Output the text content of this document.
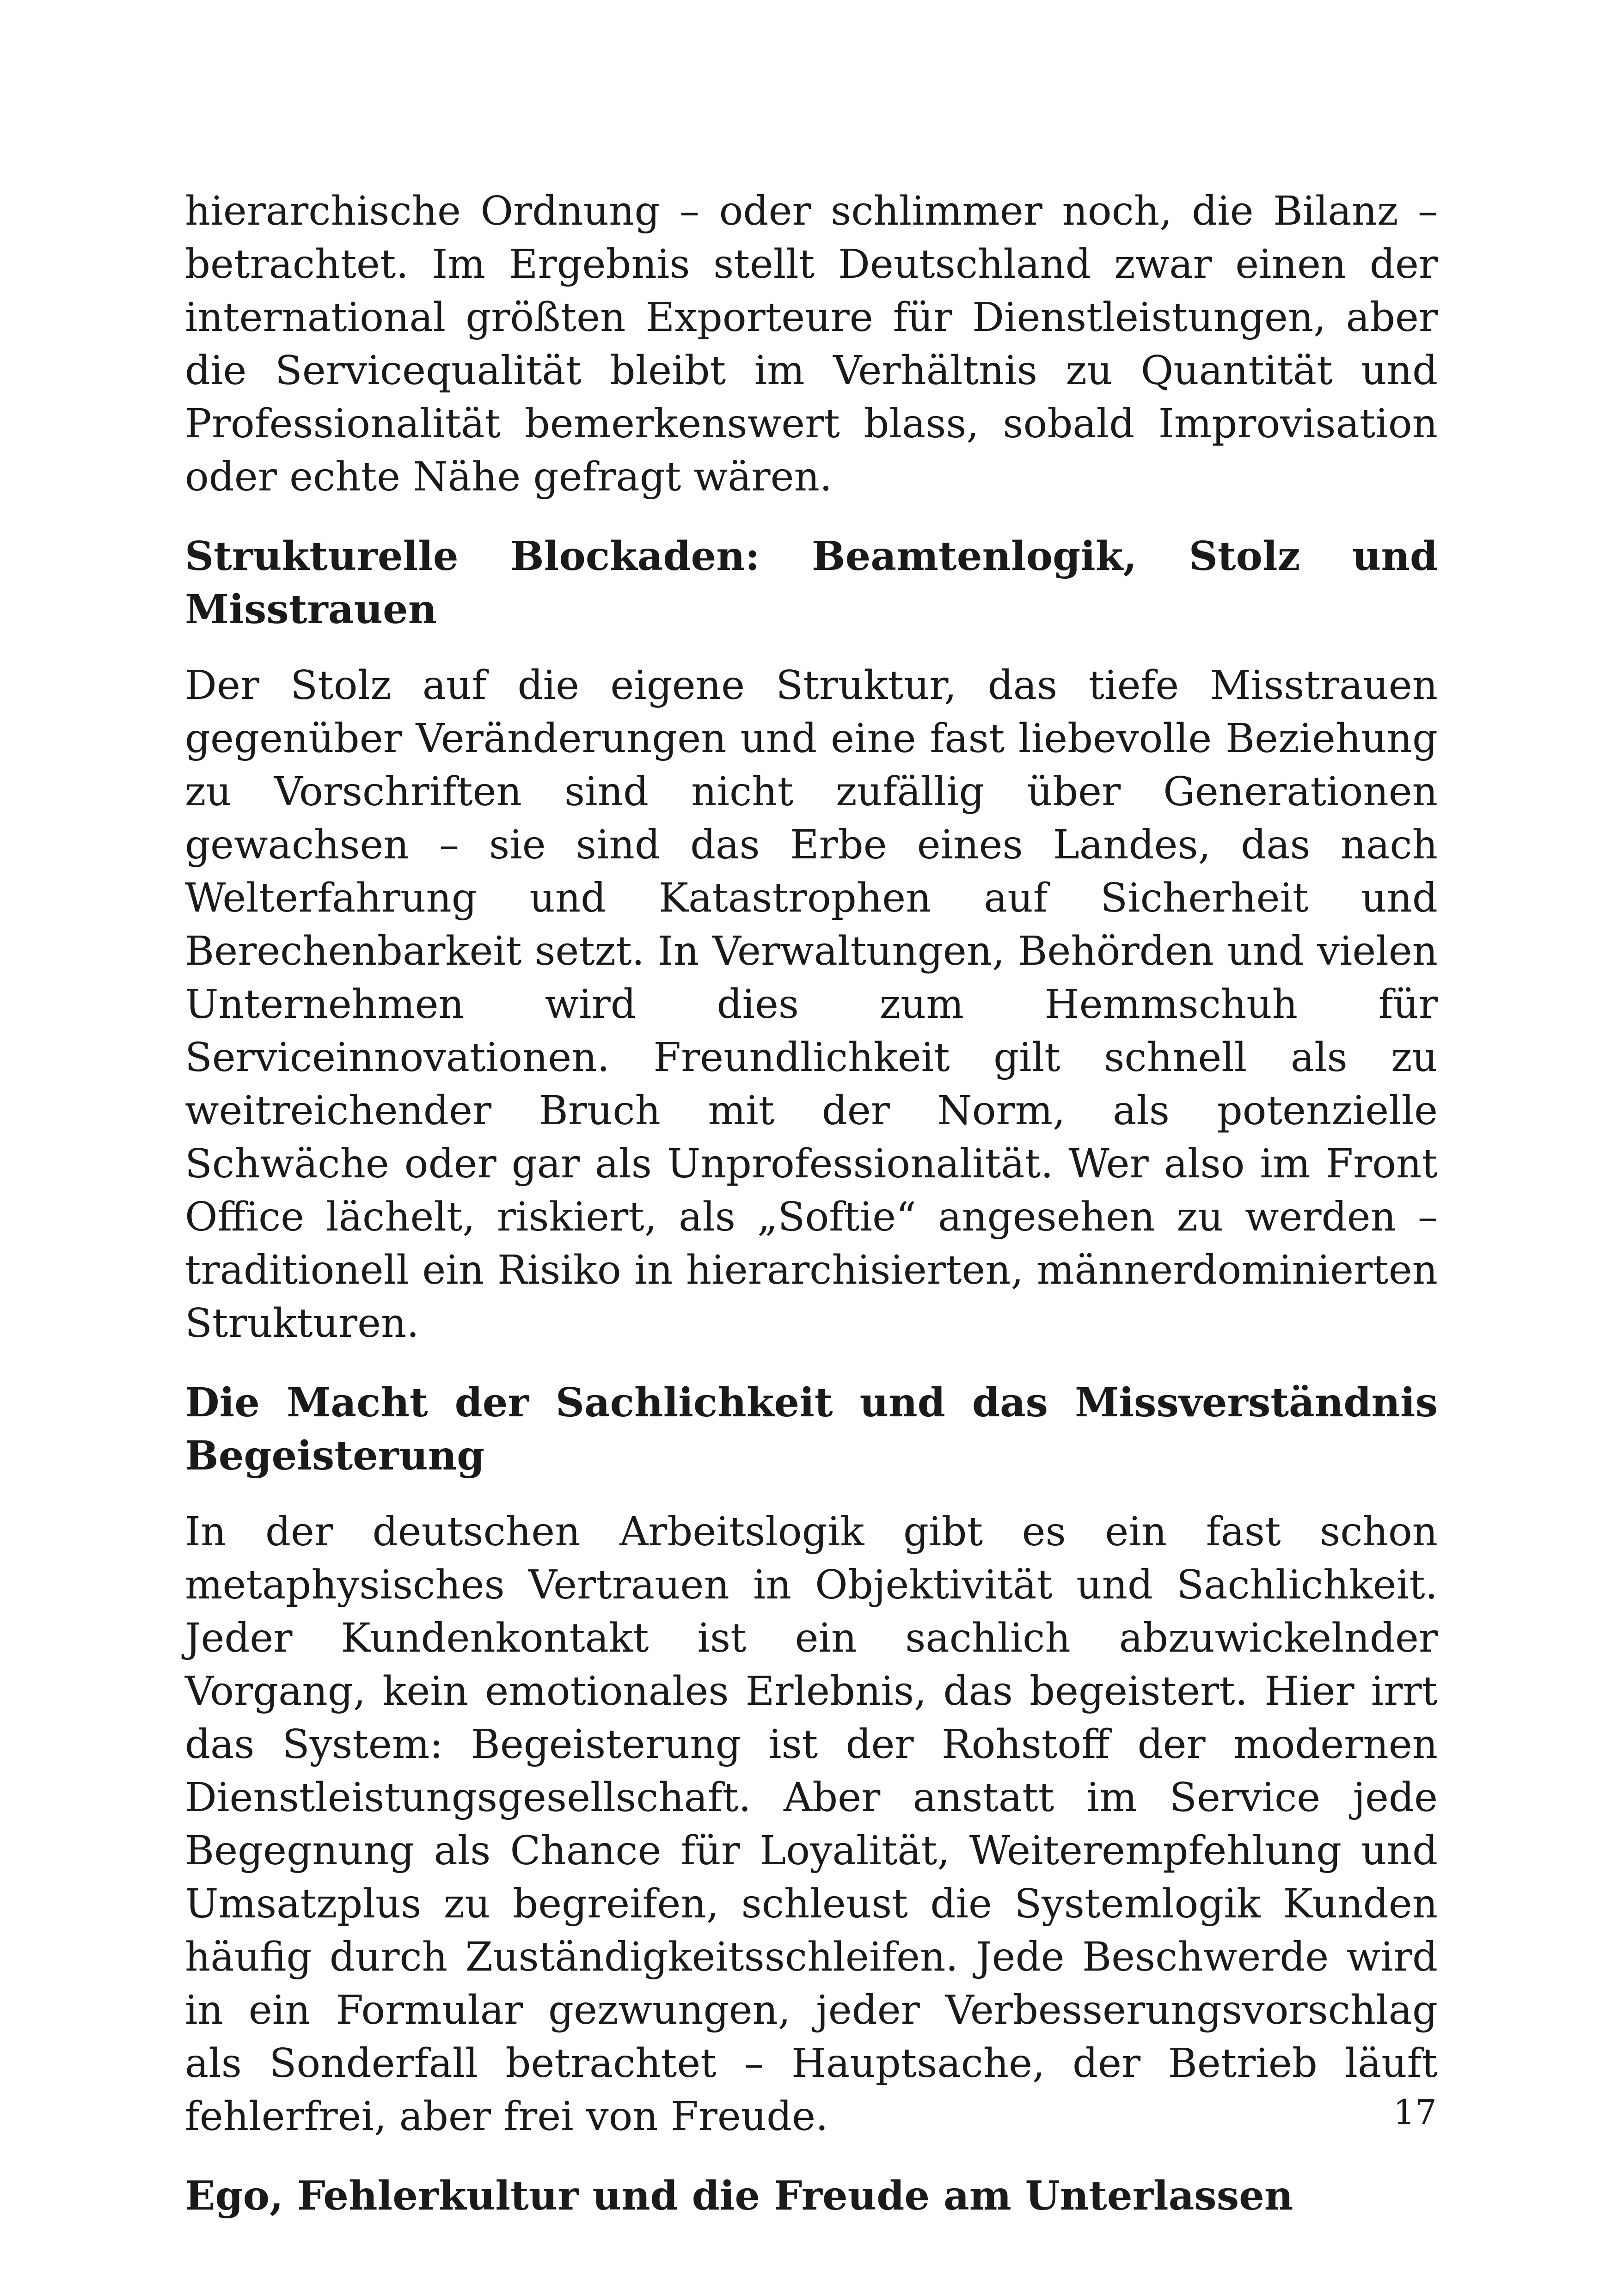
hierarchische Ordnung – oder schlimmer noch, die Bilanz – betrachtet. Im Ergebnis stellt Deutschland zwar einen der international größten Exporteure für Dienstleistungen, aber die Servicequalität bleibt im Verhältnis zu Quantität und Professionalität bemerkenswert blass, sobald Improvisation oder echte Nähe gefragt wären.

Strukturelle Blockaden: Beamtenlogik, Stolz und Misstrauen

Der Stolz auf die eigene Struktur, das tiefe Misstrauen gegenüber Veränderungen und eine fast liebevolle Beziehung zu Vorschriften sind nicht zufällig über Generationen gewachsen – sie sind das Erbe eines Landes, das nach Welterfahrung und Katastrophen auf Sicherheit und Berechenbarkeit setzt. In Verwaltungen, Behörden und vielen Unternehmen wird dies zum Hemmschuh für Serviceinnovationen. Freundlichkeit gilt schnell als zu weitreichender Bruch mit der Norm, als potenzielle Schwäche oder gar als Unprofessionalität. Wer also im Front Office lächelt, riskiert, als „Softie“ angesehen zu werden – traditionell ein Risiko in hierarchisierten, männerdominierten Strukturen.

Die Macht der Sachlichkeit und das Missverständnis Begeisterung

In der deutschen Arbeitslogik gibt es ein fast schon metaphysisches Vertrauen in Objektivität und Sachlichkeit. Jeder Kundenkontakt ist ein sachlich abzuwickelnder Vorgang, kein emotionales Erlebnis, das begeistert. Hier irrt das System: Begeisterung ist der Rohstoff der modernen Dienstleistungsgesellschaft. Aber anstatt im Service jede Begegnung als Chance für Loyalität, Weiterempfehlung und Umsatzplus zu begreifen, schleust die Systemlogik Kunden häufig durch Zuständigkeitsschleifen. Jede Beschwerde wird in ein Formular gezwungen, jeder Verbesserungsvorschlag als Sonderfall betrachtet – Hauptsache, der Betrieb läuft fehlerfrei, aber frei von Freude.

Ego, Fehlerkultur und die Freude am Unterlassen
17
